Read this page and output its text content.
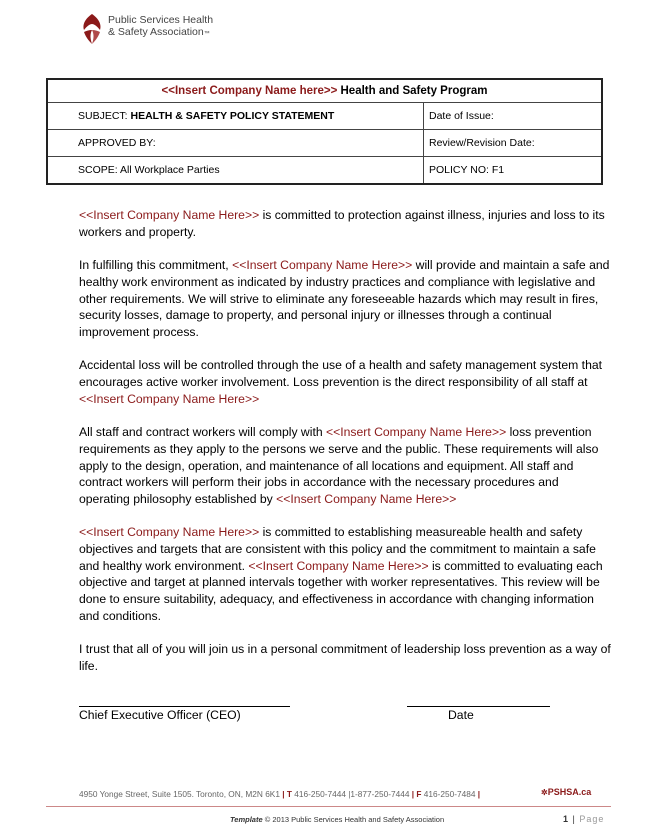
Public Services Health
& Safety Association™
<<Insert Company Name here>> Health and Safety Program	
SUBJECT: HEALTH & SAFETY POLICY STATEMENT	Date of Issue:
APPROVED BY:	Review/Revision Date:
SCOPE: All Workplace Parties	POLICY NO: F1

<<Insert Company Name Here>> is committed to protection against illness, injuries and loss to its workers and property.

In fulfilling this commitment, <<Insert Company Name Here>> will provide and maintain a safe and healthy work environment as indicated by industry practices and compliance with legislative and other requirements. We will strive to eliminate any foreseeable hazards which may result in fires, security losses, damage to property, and personal injury or illnesses through a continual improvement process.

Accidental loss will be controlled through the use of a health and safety management system that encourages active worker involvement. Loss prevention is the direct responsibility of all staff at <<Insert Company Name Here>>

All staff and contract workers will comply with <<Insert Company Name Here>> loss prevention requirements as they apply to the persons we serve and the public. These requirements will also apply to the design, operation, and maintenance of all locations and equipment. All staff and contract workers will perform their jobs in accordance with the necessary procedures and operating philosophy established by <<Insert Company Name Here>>

<<Insert Company Name Here>> is committed to establishing measureable health and safety objectives and targets that are consistent with this policy and the commitment to maintain a safe and healthy work environment. <<Insert Company Name Here>> is committed to evaluating each objective and target at planned intervals together with worker representatives. This review will be done to ensure suitability, adequacy, and effectiveness in accordance with changing information and conditions.

I trust that all of you will join us in a personal commitment of leadership loss prevention as a way of life.

Chief Executive Officer (CEO)	Date
4950 Yonge Street, Suite 1505. Toronto, ON, M2N 6K1 | T 416-250-7444 |1-877-250-7444 | F 416-250-7484 |	✲PSHSA.ca
Template © 2013 Public Services Health and Safety Association	1 | Page
